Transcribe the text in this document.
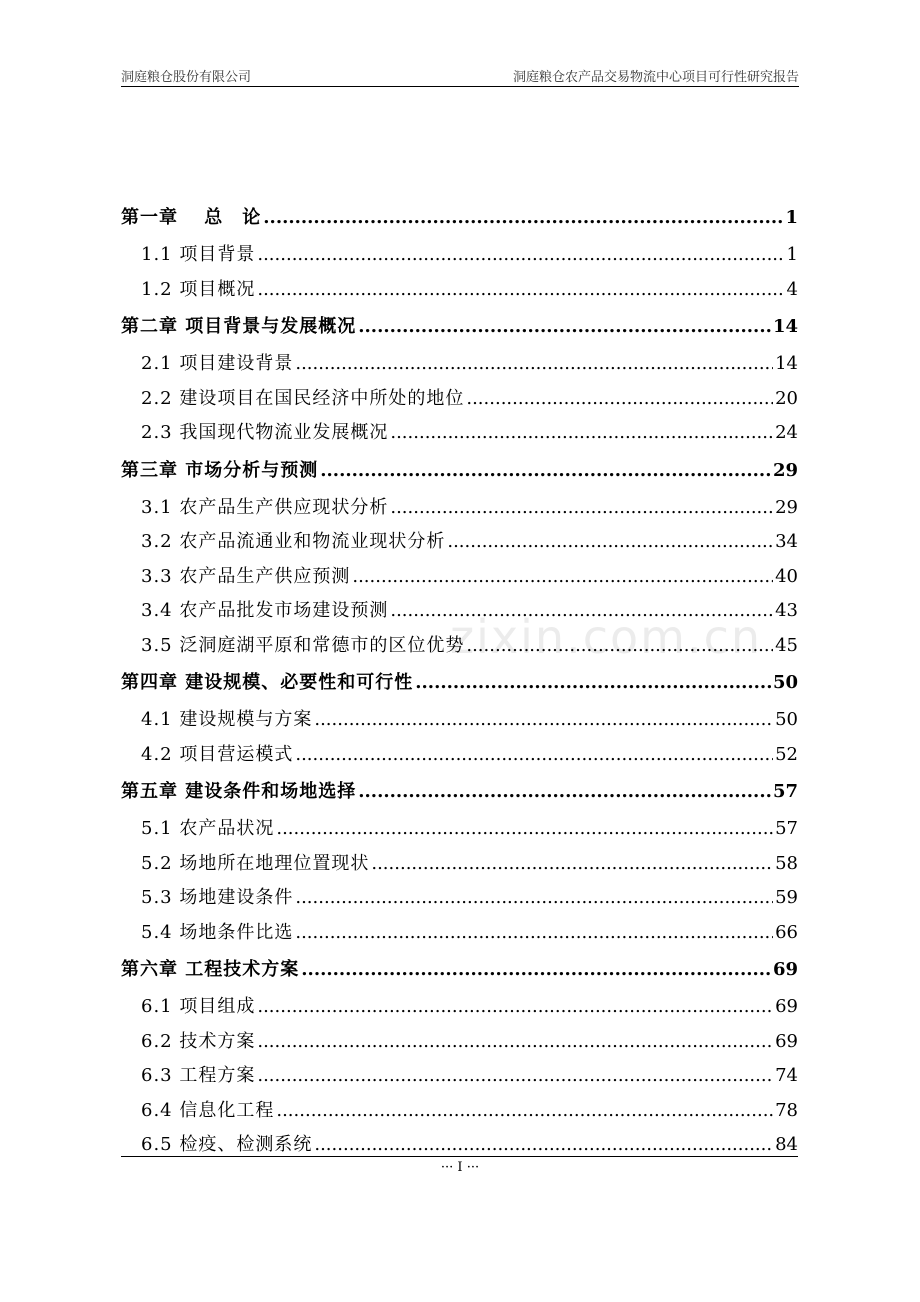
洞庭粮仓股份有限公司	洞庭粮仓农产品交易物流中心项目可行性研究报告
zixin.com.cn
第一章　 总　论 .....	1
1.1 项目背景 .....	1
1.2 项目概况 .....	4
第二章 项目背景与发展概况 .....	14
2.1 项目建设背景 .....	14
2.2 建设项目在国民经济中所处的地位 .....	20
2.3 我国现代物流业发展概况 .....	24
第三章 市场分析与预测 .....	29
3.1 农产品生产供应现状分析 .....	29
3.2 农产品流通业和物流业现状分析 .....	34
3.3 农产品生产供应预测 .....	40
3.4 农产品批发市场建设预测 .....	43
3.5 泛洞庭湖平原和常德市的区位优势 .....	45
第四章 建设规模、必要性和可行性 .....	50
4.1 建设规模与方案 .....	50
4.2 项目营运模式 .....	52
第五章 建设条件和场地选择 .....	57
5.1 农产品状况 .....	57
5.2 场地所在地理位置现状 .....	58
5.3 场地建设条件 .....	59
5.4 场地条件比选 .....	66
第六章 工程技术方案 .....	69
6.1 项目组成 .....	69
6.2 技术方案 .....	69
6.3 工程方案 .....	74
6.4 信息化工程 .....	78
6.5 检疫、检测系统 .....	84
··· I ···
